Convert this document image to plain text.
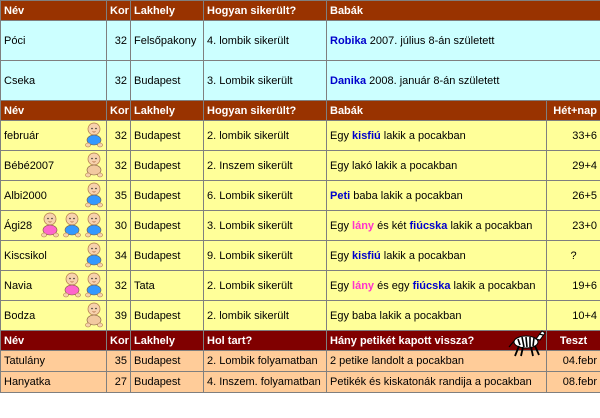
Név	Kor	Lakhely	Hogyan sikerült?	Babák	
Póci	32	Felsőpakony	4. lombik sikerült	Robika 2007. július 8-án született	
Cseka	32	Budapest	3. Lombik sikerült	Danika 2008. január 8-án született	
Név	Kor	Lakhely	Hogyan sikerült?	Babák	Hét+nap
február	32	Budapest	2. lombik sikerült	Egy kisfiú lakik a pocakban	33+6
Bébé2007	32	Budapest	2. Inszem sikerült	Egy lakó lakik a pocakban	29+4
Albi2000	35	Budapest	6. Lombik sikerült	Peti baba lakik a pocakban	26+5
Ági28	30	Budapest	3. Lombik sikerült	Egy lány és két fiúcska lakik a pocakban	23+0
Kiscsikol	34	Budapest	9. Lombik sikerült	Egy kisfiú lakik a pocakban	?
Navia	32	Tata	2. Lombik sikerült	Egy lány és egy fiúcska lakik a pocakban	19+6
Bodza	39	Budapest	2. lombik sikerült	Egy baba lakik a pocakban	10+4
Név	Kor	Lakhely	Hol tart?	Hány petikét kapott vissza?	Teszt
Tatulány	35	Budapest	2. Lombik folyamatban	2 petike landolt a pocakban	04.febr
Hanyatka	27	Budapest	4. Inszem. folyamatban	Petikék és kiskatonák randija a pocakban	08.febr
